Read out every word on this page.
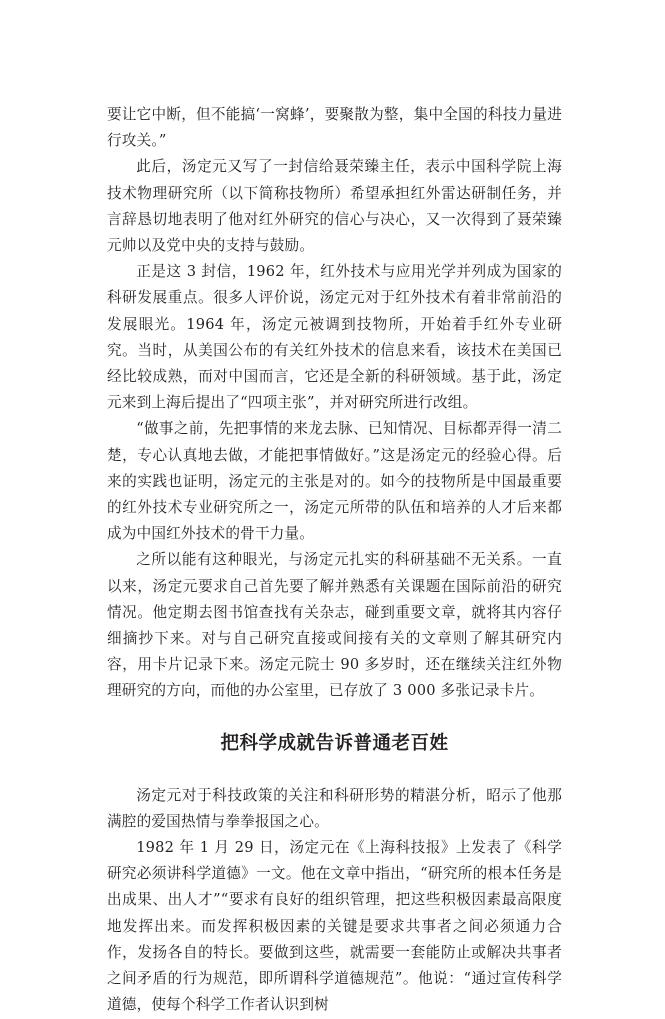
要让它中断，但不能搞‘一窝蜂’，要聚散为整，集中全国的科技力量进行攻关。”

此后，汤定元又写了一封信给聂荣臻主任，表示中国科学院上海技术物理研究所（以下简称技物所）希望承担红外雷达研制任务，并言辞恳切地表明了他对红外研究的信心与决心，又一次得到了聂荣臻元帅以及党中央的支持与鼓励。

正是这 3 封信，1962 年，红外技术与应用光学并列成为国家的科研发展重点。很多人评价说，汤定元对于红外技术有着非常前沿的发展眼光。1964 年，汤定元被调到技物所，开始着手红外专业研究。当时，从美国公布的有关红外技术的信息来看，该技术在美国已经比较成熟，而对中国而言，它还是全新的科研领域。基于此，汤定元来到上海后提出了“四项主张”，并对研究所进行改组。

“做事之前，先把事情的来龙去脉、已知情况、目标都弄得一清二楚，专心认真地去做，才能把事情做好。”这是汤定元的经验心得。后来的实践也证明，汤定元的主张是对的。如今的技物所是中国最重要的红外技术专业研究所之一，汤定元所带的队伍和培养的人才后来都成为中国红外技术的骨干力量。

之所以能有这种眼光，与汤定元扎实的科研基础不无关系。一直以来，汤定元要求自己首先要了解并熟悉有关课题在国际前沿的研究情况。他定期去图书馆查找有关杂志，碰到重要文章，就将其内容仔细摘抄下来。对与自己研究直接或间接有关的文章则了解其研究内容，用卡片记录下来。汤定元院士 90 多岁时，还在继续关注红外物理研究的方向，而他的办公室里，已存放了 3 000 多张记录卡片。

把科学成就告诉普通老百姓

汤定元对于科技政策的关注和科研形势的精湛分析，昭示了他那满腔的爱国热情与拳拳报国之心。

1982 年 1 月 29 日，汤定元在《上海科技报》上发表了《科学研究必须讲科学道德》一文。他在文章中指出，“研究所的根本任务是出成果、出人才”“要求有良好的组织管理，把这些积极因素最高限度地发挥出来。而发挥积极因素的关键是要求共事者之间必须通力合作，发扬各自的特长。要做到这些，就需要一套能防止或解决共事者之间矛盾的行为规范，即所谓科学道德规范”。他说：“通过宣传科学道德，使每个科学工作者认识到树
